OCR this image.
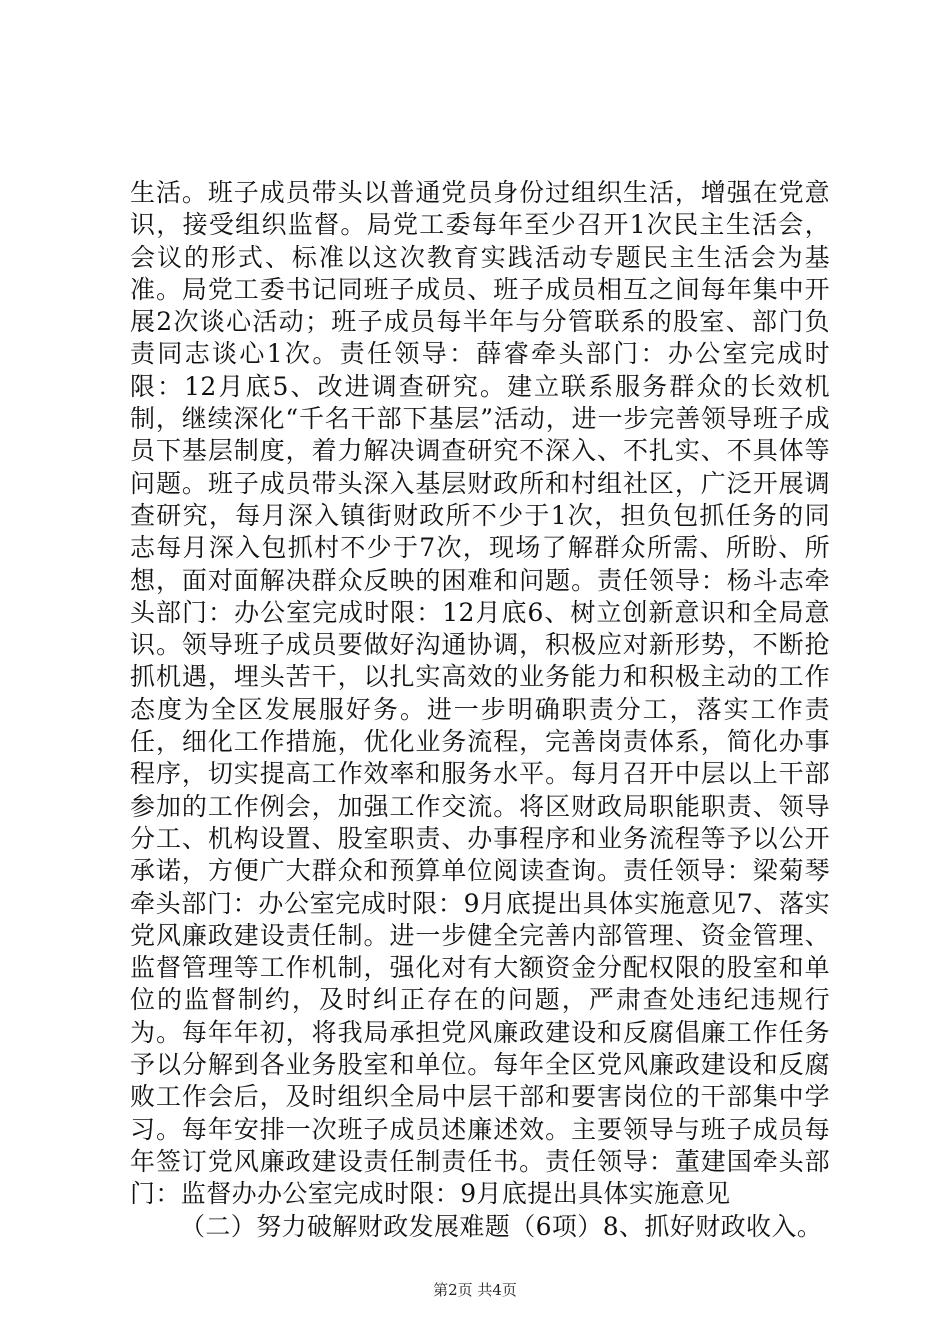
生活。班子成员带头以普通党员身份过组织生活，增强在党意识，接受组织监督。局党工委每年至少召开1次民主生活会，会议的形式、标准以这次教育实践活动专题民主生活会为基准。局党工委书记同班子成员、班子成员相互之间每年集中开展2次谈心活动；班子成员每半年与分管联系的股室、部门负责同志谈心1次。责任领导：薛睿牵头部门：办公室完成时限：12月底5、改进调查研究。建立联系服务群众的长效机制，继续深化“千名干部下基层”活动，进一步完善领导班子成员下基层制度，着力解决调查研究不深入、不扎实、不具体等问题。班子成员带头深入基层财政所和村组社区，广泛开展调查研究，每月深入镇街财政所不少于1次，担负包抓任务的同志每月深入包抓村不少于7次，现场了解群众所需、所盼、所想，面对面解决群众反映的困难和问题。责任领导：杨斗志牵头部门：办公室完成时限：12月底6、树立创新意识和全局意识。领导班子成员要做好沟通协调，积极应对新形势，不断抢抓机遇，埋头苦干，以扎实高效的业务能力和积极主动的工作态度为全区发展服好务。进一步明确职责分工，落实工作责任，细化工作措施，优化业务流程，完善岗责体系，简化办事程序，切实提高工作效率和服务水平。每月召开中层以上干部参加的工作例会，加强工作交流。将区财政局职能职责、领导分工、机构设置、股室职责、办事程序和业务流程等予以公开承诺，方便广大群众和预算单位阅读查询。责任领导：梁菊琴牵头部门：办公室完成时限：9月底提出具体实施意见7、落实党风廉政建设责任制。进一步健全完善内部管理、资金管理、监督管理等工作机制，强化对有大额资金分配权限的股室和单位的监督制约，及时纠正存在的问题，严肃查处违纪违规行为。每年年初，将我局承担党风廉政建设和反腐倡廉工作任务予以分解到各业务股室和单位。每年全区党风廉政建设和反腐败工作会后，及时组织全局中层干部和要害岗位的干部集中学习。每年安排一次班子成员述廉述效。主要领导与班子成员每年签订党风廉政建设责任制责任书。责任领导：董建国牵头部门：监督办办公室完成时限：9月底提出具体实施意见

（二）努力破解财政发展难题（6项）8、抓好财政收入。

第2页 共4页
